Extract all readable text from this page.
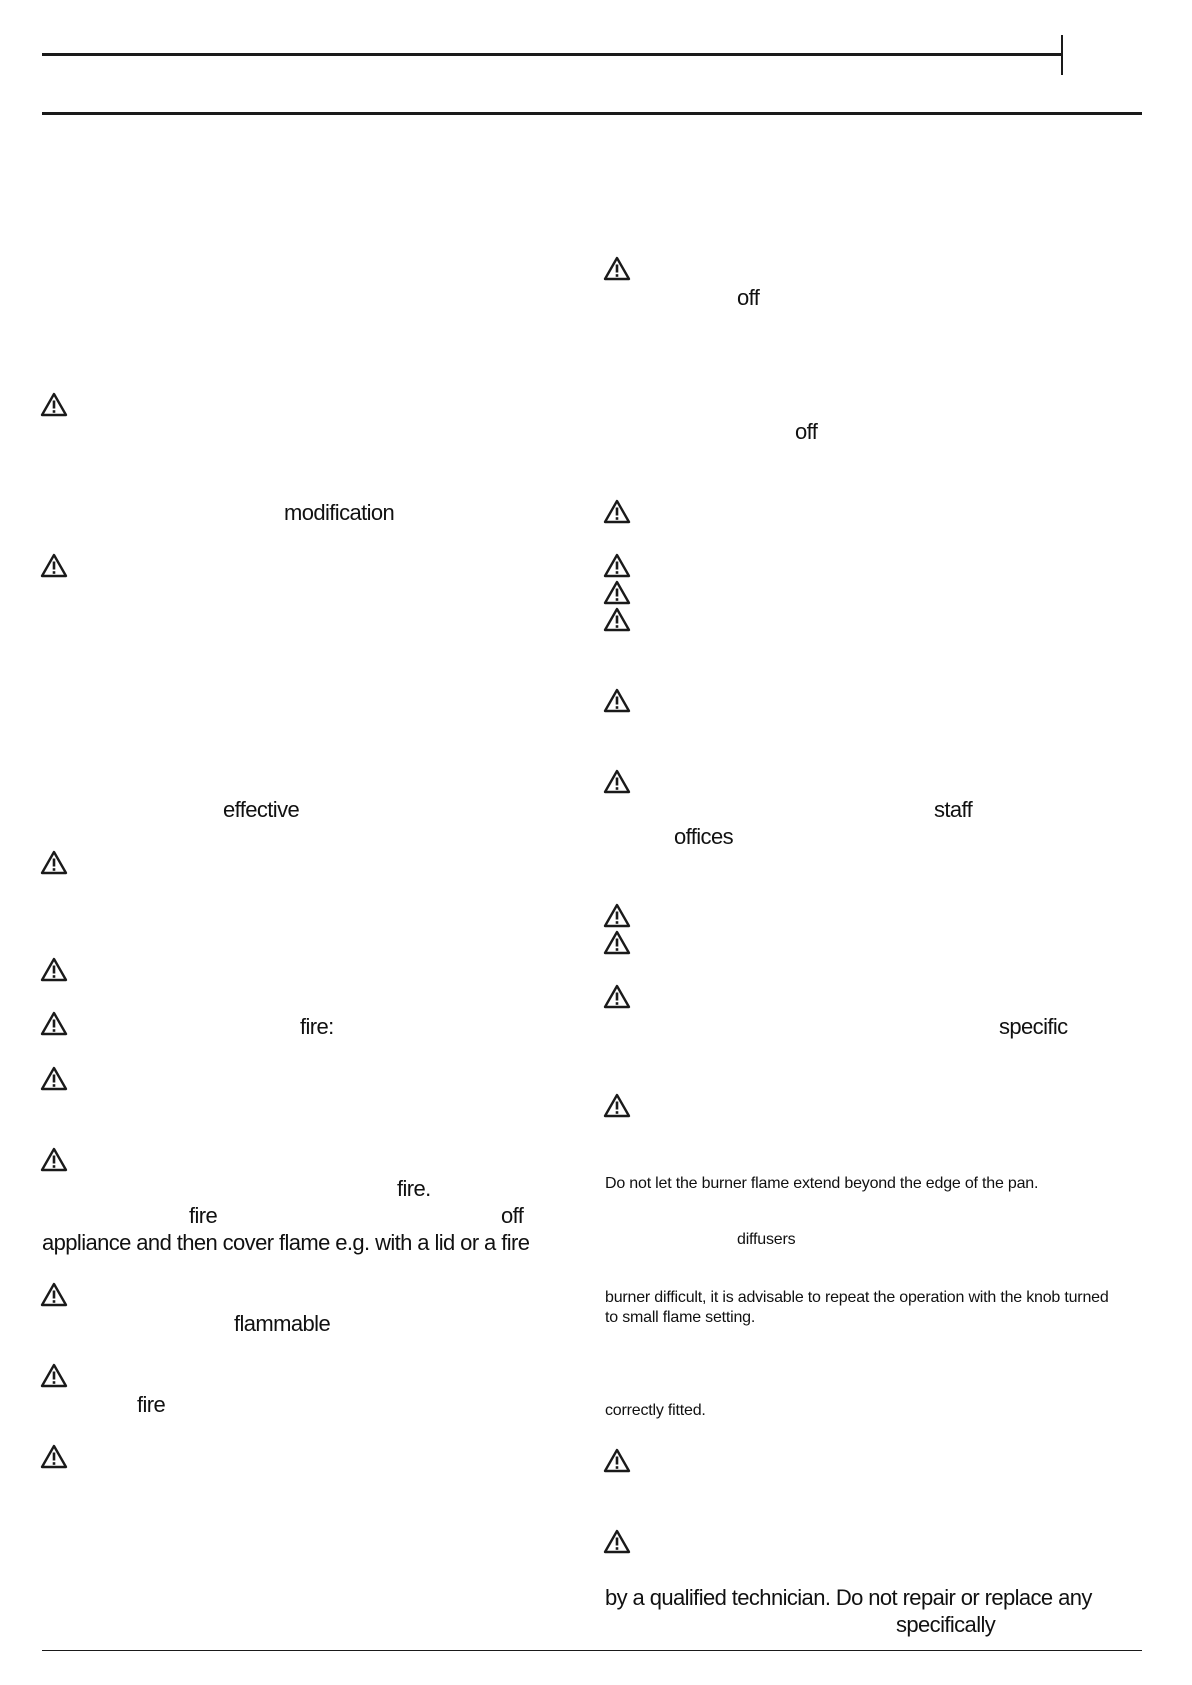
modification
effective
fire:
fire.
fire	off
appliance and then cover flame e.g. with a lid or a fire
flammable
fire
off
off
staff
offices
specific
Do not let the burner flame extend beyond the edge of the pan.
diffusers
burner difficult, it is advisable to repeat the operation with the knob turned
to small flame setting.
correctly fitted.
by a qualified technician. Do not repair or replace any
specifically
